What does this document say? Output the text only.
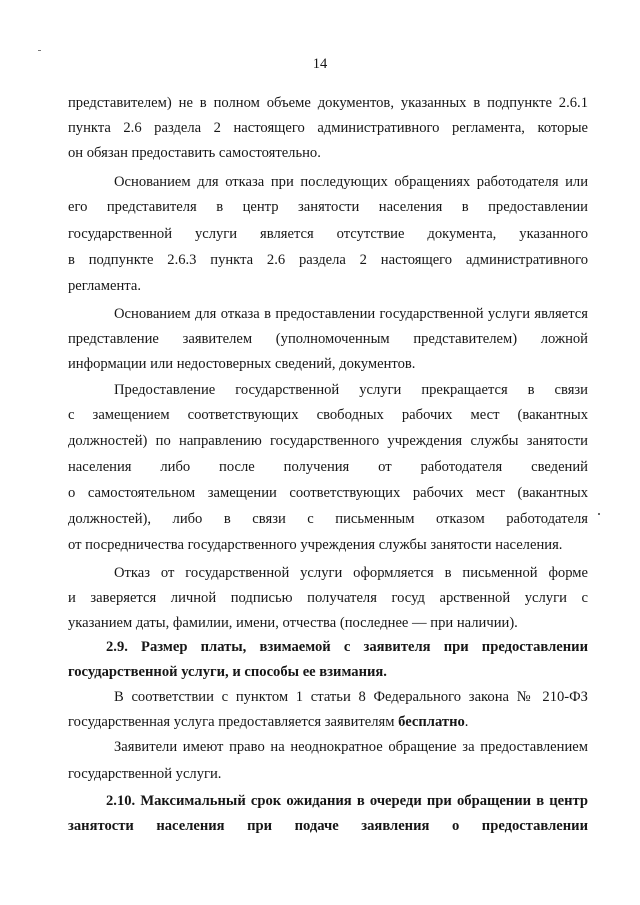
14
представителем) не в полном объеме документов, указанных в подпункте 2.6.1
пункта 2.6 раздела 2 настоящего административного регламента, которые
он обязан предоставить самостоятельно.
Основанием для отказа при последующих обращениях работодателя или
его представителя в центр занятости населения в предоставлении
государственной услуги является отсутствие документа, указанного
в подпункте 2.6.3 пункта 2.6 раздела 2 настоящего административного
регламента.
Основанием для отказа в предоставлении государственной услуги является
представление заявителем (уполномоченным представителем) ложной
информации или недостоверных сведений, документов.
Предоставление государственной услуги прекращается в связи
с замещением соответствующих свободных рабочих мест (вакантных
должностей) по направлению государственного учреждения службы занятости
населения либо после получения от работодателя сведений
о самостоятельном замещении соответствующих рабочих мест (вакантных
должностей), либо в связи с письменным отказом работодателя
от посредничества государственного учреждения службы занятости населения.
Отказ от государственной услуги оформляется в письменной форме
и заверяется личной подписью получателя госуд арственной услуги с
указанием даты, фамилии, имени, отчества (последнее — при наличии).
2.9. Размер платы, взимаемой с заявителя при предоставлении
государственной услуги, и способы ее взимания.
В соответствии с пунктом 1 статьи 8 Федерального закона № 210-ФЗ
государственная услуга предоставляется заявителям бесплатно.
Заявители имеют право на неоднократное обращение за предоставлением
государственной услуги.
2.10. Максимальный срок ожидания в очереди при обращении в центр
занятости населения при подаче заявления о предоставлении
